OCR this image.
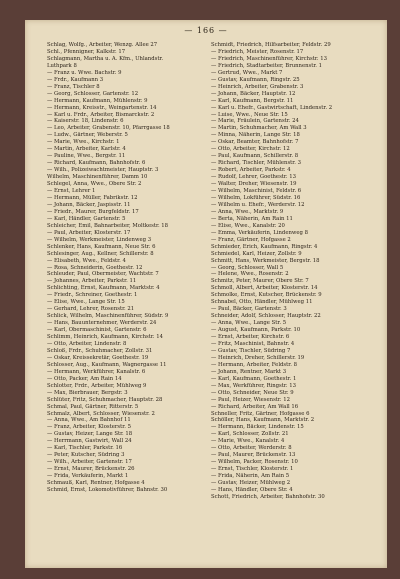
— 166 —
Schlag, Wolfg., Arbeiter, Wenzg. Allee 27
Schl., Pfennigner, Kalkstr. 17
Schlagmann, Martha u. A. Kfm., Uhlandstr.
Luthpark 8
— Franz u. Wwe. Bachstr. 9
— Frdr., Kaufmann 3
— Franz, Tischler 8
— Georg, Schlosser, Gartenstr. 12
— Hermann, Kaufmann, Mühlenstr. 9
— Hermann, Kreisstr., Weingartenstr. 14
— Karl u. Frdr., Arbeiter, Bismarckstr. 2
— Kaiserstr. 18, Lindenstr. 6
— Leo, Arbeiter, Grabenstr. 10, Pfarrgasse 18
— Ludw., Gärtner, Weberstr. 5
— Marie, Wwe., Kirchstr. 1
— Martin, Arbeiter, Karlstr. 4
— Pauline, Wwe., Bergstr. 11
— Richard, Kaufmann, Bahnhofstr. 6
— Wilh., Polizeiwachtmeister, Hauptstr. 3
Wilhelm, Maschinenführer, Damm 10
Schlegel, Anna, Wwe., Obere Str. 2
— Ernst, Lehrer 1
— Hermann, Müller, Fabrikstr. 12
— Johann, Bäcker, Jaspisstr. 11
— Friedr., Maurer, Burgfeldstr. 17
— Karl, Händler, Gartenstr. 5
Schleicher, Emil, Bahnarbeiter, Moltkestr. 18
— Paul, Arbeiter, Klosterstr. 17
— Wilhelm, Werkmeister, Lindenweg 3
Schlenker, Hans, Kaufmann, Neue Str. 6
Schlesinger, Aug., Kellner, Schillerstr. 8
— Elisabeth, Wwe., Feldstr. 4
— Rosa, Schneiderin, Goethestr. 12
Schleuder, Paul, Obermeister, Wachtstr. 7
— Johannes, Arbeiter, Parkstr. 11
Schlichting, Ernst, Kaufmann, Marktstr. 4
— Friedr., Schreiner, Goethestr. 1
— Elise, Wwe., Lange Str. 15
— Gerhard, Lehrer, Rosenstr. 21
Schlick, Wilhelm, Maschinenführer, Südstr. 9
— Hans, Bauunternehmer, Werderstr. 24
— Karl, Obermaschinist, Gartenstr. 6
Schlimm, Heinrich, Kaufmann, Kirchstr. 14
— Otto, Arbeiter, Lindenstr. 8
Schloß, Frdr., Schuhmacher, Zollstr. 31
— Oskar, Kreissekretär, Goethestr. 19
Schlosser, Aug., Kaufmann, Wagnergasse 11
— Hermann, Werkführer, Kanalstr. 6
— Otto, Packer, Am Rain 14
Schlotter, Frdr., Arbeiter, Mühlweg 9
— Max, Bierbrauer, Bergstr. 3
Schlüter, Fritz, Schuhmacher, Hauptstr. 28
Schmal, Paul, Gärtner, Ritterstr. 5
Schmalz, Albert, Schlosser, Wiesenstr. 2
— Anna, Wwe., Am Bahnhof 11
— Franz, Arbeiter, Klosterstr. 5
— Gustav, Heizer, Lange Str. 18
— Herrmann, Gastwirt, Wall 24
— Karl, Tischler, Parkstr. 16
— Peter, Kutscher, Südring 3
— Wilh., Arbeiter, Gartenstr. 17
— Ernst, Maurer, Brückenstr. 26
— Frida, Verkäuferin, Markt 1
Schmauß, Karl, Rentner, Hofgasse 4
Schmid, Ernst, Lokomotivführer, Bahnstr. 30
Schmidt, Friedrich, Hilfsarbeiter, Feldstr. 29
— Friedrich, Meister, Rosenstr. 17
— Friedrich, Maschinenführer, Kirchstr. 13
— Friedrich, Stadtarbeiter, Brunnenstr. 1
— Gertrud, Wwe., Markt 7
— Gustav, Kaufmann, Ringstr. 25
— Heinrich, Arbeiter, Grabenstr. 3
— Johann, Bäcker, Hauptstr. 12
— Karl, Kaufmann, Bergstr. 11
— Karl u. Ehefr., Gastwirtschaft, Lindenstr. 2
— Luise, Wwe., Neue Str. 15
— Marie, Fräulein, Gartenstr. 24
— Martin, Schuhmacher, Am Wall 3
— Minna, Näherin, Lange Str. 18
— Oskar, Beamter, Bahnhofstr. 7
— Otto, Arbeiter, Kirchstr. 12
— Paul, Kaufmann, Schillerstr. 8
— Richard, Tischler, Mühlenstr. 3
— Robert, Arbeiter, Parkstr. 4
— Rudolf, Lehrer, Goethestr. 13
— Walter, Dreher, Wiesenstr. 19
— Wilhelm, Maschinist, Feldstr. 6
— Wilhelm, Lokführer, Südstr. 16
— Wilhelm u. Ehefr., Werderstr. 12
— Anna, Wwe., Marktstr. 9
— Berta, Näherin, Am Rain 11
— Elise, Wwe., Kanalstr. 20
— Emma, Verkäuferin, Lindenweg 8
— Franz, Gärtner, Hofgasse 2
Schmieder, Erich, Kaufmann, Ringstr. 4
Schmiedel, Karl, Heizer, Zollstr. 9
Schmitt, Hans, Werkmeister, Bergstr. 18
— Georg, Schlosser, Wall 5
— Helene, Wwe., Rosenstr. 2
Schmitz, Peter, Maurer, Obere Str. 7
Schmoll, Albert, Arbeiter, Klosterstr. 14
Schmolke, Ernst, Kutscher, Brückenstr. 9
Schnabel, Otto, Händler, Mühlweg 11
— Paul, Bäcker, Gartenstr. 3
Schneider, Adolf, Schlosser, Hauptstr. 22
— Anna, Wwe., Lange Str. 5
— August, Kaufmann, Parkstr. 10
— Ernst, Arbeiter, Kirchstr. 6
— Fritz, Maschinist, Bahnstr. 4
— Gustav, Tischler, Südring 7
— Heinrich, Dreher, Schillerstr. 19
— Hermann, Arbeiter, Feldstr. 8
— Johann, Rentner, Markt 3
— Karl, Kaufmann, Goethestr. 1
— Max, Werkführer, Ringstr. 13
— Otto, Schneider, Neue Str. 9
— Paul, Heizer, Wiesenstr. 12
— Richard, Arbeiter, Am Wall 16
Schneller, Fritz, Gärtner, Hofgasse 6
Schöller, Hans, Kaufmann, Marktstr. 2
— Hermann, Bäcker, Lindenstr. 15
— Karl, Schlosser, Zollstr. 21
— Marie, Wwe., Kanalstr. 4
— Otto, Arbeiter, Werderstr. 8
— Paul, Maurer, Brückenstr. 13
— Wilhelm, Packer, Rosenstr. 10
— Ernst, Tischler, Klosterstr. 1
— Frida, Näherin, Am Rain 5
— Gustav, Heizer, Mühlweg 2
— Hans, Händler, Obere Str. 4
Schott, Friedrich, Arbeiter, Bahnhofstr. 30
